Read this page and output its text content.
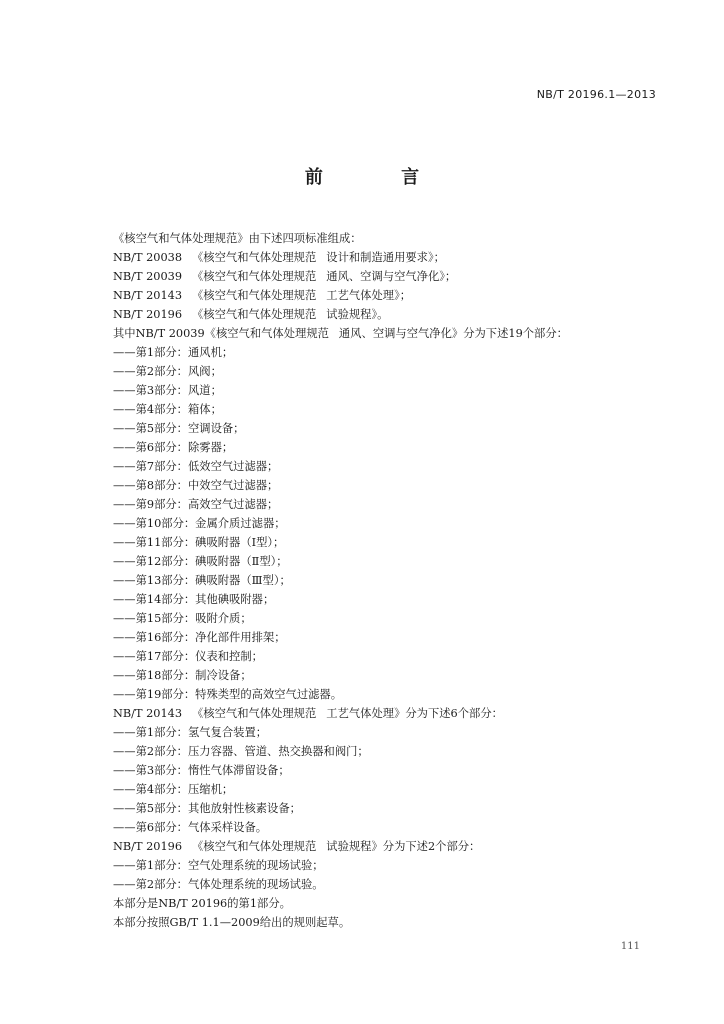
NB/T 20196.1—2013
前 言
《核空气和气体处理规范》由下述四项标准组成：
NB/T 20038 《核空气和气体处理规范 设计和制造通用要求》；
NB/T 20039 《核空气和气体处理规范 通风、空调与空气净化》；
NB/T 20143 《核空气和气体处理规范 工艺气体处理》；
NB/T 20196 《核空气和气体处理规范 试验规程》。
其中NB/T 20039《核空气和气体处理规范 通风、空调与空气净化》分为下述19个部分：
——第1部分：通风机；
——第2部分：风阀；
——第3部分：风道；
——第4部分：箱体；
——第5部分：空调设备；
——第6部分：除雾器；
——第7部分：低效空气过滤器；
——第8部分：中效空气过滤器；
——第9部分：高效空气过滤器；
——第10部分：金属介质过滤器；
——第11部分：碘吸附器（Ⅰ型）；
——第12部分：碘吸附器（Ⅱ型）；
——第13部分：碘吸附器（Ⅲ型）；
——第14部分：其他碘吸附器；
——第15部分：吸附介质；
——第16部分：净化部件用排架；
——第17部分：仪表和控制；
——第18部分：制冷设备；
——第19部分：特殊类型的高效空气过滤器。
NB/T 20143 《核空气和气体处理规范 工艺气体处理》分为下述6个部分：
——第1部分：氢气复合装置；
——第2部分：压力容器、管道、热交换器和阀门；
——第3部分：惰性气体滞留设备；
——第4部分：压缩机；
——第5部分：其他放射性核素设备；
——第6部分：气体采样设备。
NB/T 20196 《核空气和气体处理规范 试验规程》分为下述2个部分：
——第1部分：空气处理系统的现场试验；
——第2部分：气体处理系统的现场试验。
本部分是NB/T 20196的第1部分。
本部分按照GB/T 1.1—2009给出的规则起草。
111
